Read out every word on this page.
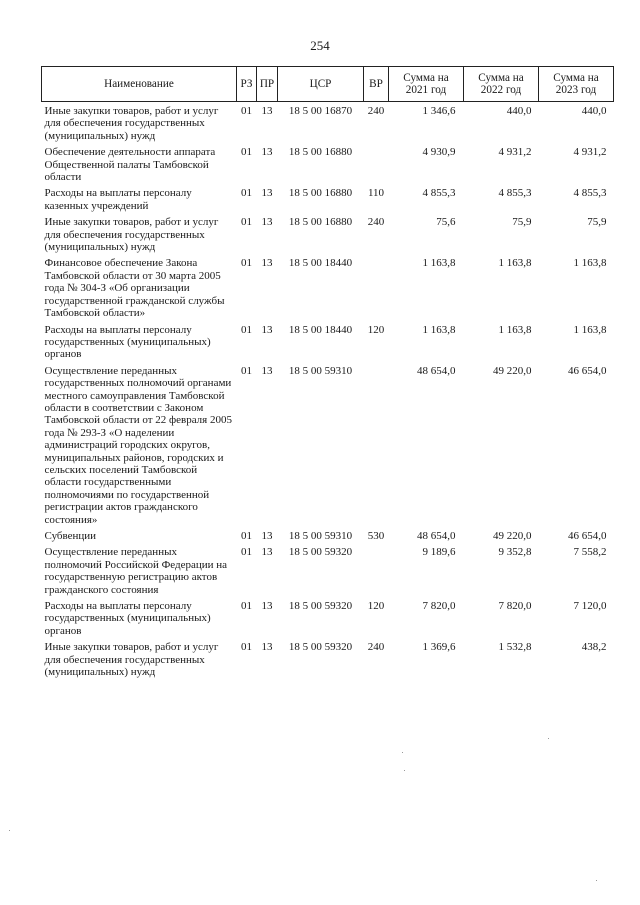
254
Наименование	РЗ	ПР	ЦСР	ВР	Сумма на 2021 год	Сумма на 2022 год	Сумма на 2023 год
Иные закупки товаров, работ и услуг для обеспечения государственных (муниципальных) нужд	01	13	18 5 00 16870	240	1 346,6	440,0	440,0
Обеспечение деятельности аппарата Общественной палаты Тамбовской области	01	13	18 5 00 16880		4 930,9	4 931,2	4 931,2
Расходы на выплаты персоналу казенных учреждений	01	13	18 5 00 16880	110	4 855,3	4 855,3	4 855,3
Иные закупки товаров, работ и услуг для обеспечения государственных (муниципальных) нужд	01	13	18 5 00 16880	240	75,6	75,9	75,9
Финансовое обеспечение Закона Тамбовской области от 30 марта 2005 года № 304-З «Об организации государственной гражданской службы Тамбовской области»	01	13	18 5 00 18440		1 163,8	1 163,8	1 163,8
Расходы на выплаты персоналу государственных (муниципальных) органов	01	13	18 5 00 18440	120	1 163,8	1 163,8	1 163,8
Осуществление переданных государственных полномочий органами местного самоуправления Тамбовской области в соответствии с Законом Тамбовской области от 22 февраля 2005 года № 293-З «О наделении администраций городских округов, муниципальных районов, городских и сельских поселений Тамбовской области государственными полномочиями по государственной регистрации актов гражданского состояния»	01	13	18 5 00 59310		48 654,0	49 220,0	46 654,0
Субвенции	01	13	18 5 00 59310	530	48 654,0	49 220,0	46 654,0
Осуществление переданных полномочий Российской Федерации на государственную регистрацию актов гражданского состояния	01	13	18 5 00 59320		9 189,6	9 352,8	7 558,2
Расходы на выплаты персоналу государственных (муниципальных) органов	01	13	18 5 00 59320	120	7 820,0	7 820,0	7 120,0
Иные закупки товаров, работ и услуг для обеспечения государственных (муниципальных) нужд	01	13	18 5 00 59320	240	1 369,6	1 532,8	438,2
